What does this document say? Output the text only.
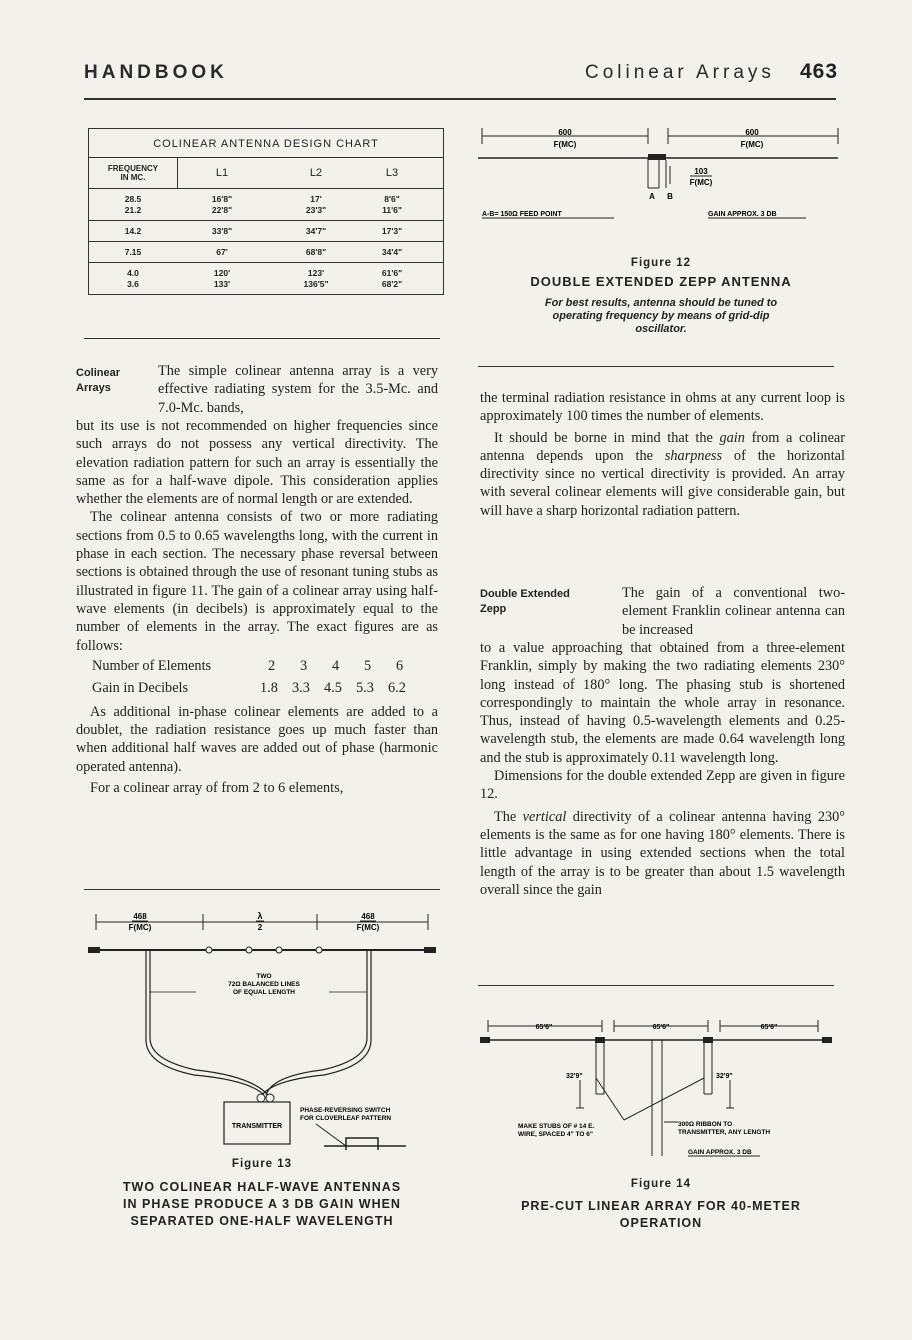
HANDBOOK	Colinear Arrays 463
COLINEAR ANTENNA DESIGN CHART
FREQUENCY
IN MC.	L1	L2	L3
28.5	16'8"	17'	8'6"
21.2	22'8"	23'3"	11'6"
14.2	33'8"	34'7"	17'3"
7.15	67'	68'8"	34'4"
4.0	120'	123'	61'6"
3.6	133'	136'5"	68'2"
Colinear
Arrays
The simple colinear antenna array is a very effective radiating system for the 3.5-Mc. and 7.0-Mc. bands,

but its use is not recommended on higher frequencies since such arrays do not possess any vertical directivity. The elevation radiation pattern for such an array is essentially the same as for a half-wave dipole. This consideration applies whether the elements are of normal length or are extended.

The colinear antenna consists of two or more radiating sections from 0.5 to 0.65 wavelengths long, with the current in phase in each section. The necessary phase reversal between sections is obtained through the use of resonant tuning stubs as illustrated in figure 11. The gain of a colinear array using half-wave elements (in decibels) is approximately equal to the number of elements in the array. The exact figures are as follows:

Number of Elements	2 3 4 5 6
Gain in Decibels	1.8 3.3 4.5 5.3 6.2

As additional in-phase colinear elements are added to a doublet, the radiation resistance goes up much faster than when additional half waves are added out of phase (harmonic operated antenna).

For a colinear array of from 2 to 6 elements,

468
F(MC)
λ
2
468
F(MC)
TWO
72Ω BALANCED LINES
OF EQUAL LENGTH
TRANSMITTER
PHASE-REVERSING SWITCH
FOR CLOVERLEAF PATTERN
Figure 13
TWO COLINEAR HALF-WAVE ANTENNAS
IN PHASE PRODUCE A 3 DB GAIN WHEN
SEPARATED ONE-HALF WAVELENGTH
600
F(MC)
600
F(MC)
103
F(MC)
A B
A-B= 150Ω FEED POINT	GAIN APPROX. 3 DB
Figure 12
DOUBLE EXTENDED ZEPP ANTENNA
For best results, antenna should be tuned to
operating frequency by means of grid-dip
oscillator.

the terminal radiation resistance in ohms at any current loop is approximately 100 times the number of elements.

It should be borne in mind that the gain from a colinear antenna depends upon the sharpness of the horizontal directivity since no vertical directivity is provided. An array with several colinear elements will give considerable gain, but will have a sharp horizontal radiation pattern.

Double Extended
Zepp
The gain of a conventional two-element Franklin colinear antenna can be increased

to a value approaching that obtained from a three-element Franklin, simply by making the two radiating elements 230° long instead of 180° long. The phasing stub is shortened correspondingly to maintain the whole array in resonance. Thus, instead of having 0.5-wavelength elements and 0.25-wavelength stub, the elements are made 0.64 wavelength long and the stub is approximately 0.11 wavelength long.

Dimensions for the double extended Zepp are given in figure 12.

The vertical directivity of a colinear antenna having 230° elements is the same as for one having 180° elements. There is little advantage in using extended sections when the total length of the array is to be greater than about 1.5 wavelength overall since the gain

65'6"	65'6"	65'6"
32'9"	32'9"
MAKE STUBS OF # 14 E.
WIRE, SPACED 4" TO 6"
300Ω RIBBON TO
TRANSMITTER, ANY LENGTH
GAIN APPROX. 3 DB
Figure 14
PRE-CUT LINEAR ARRAY FOR 40-METER
OPERATION
